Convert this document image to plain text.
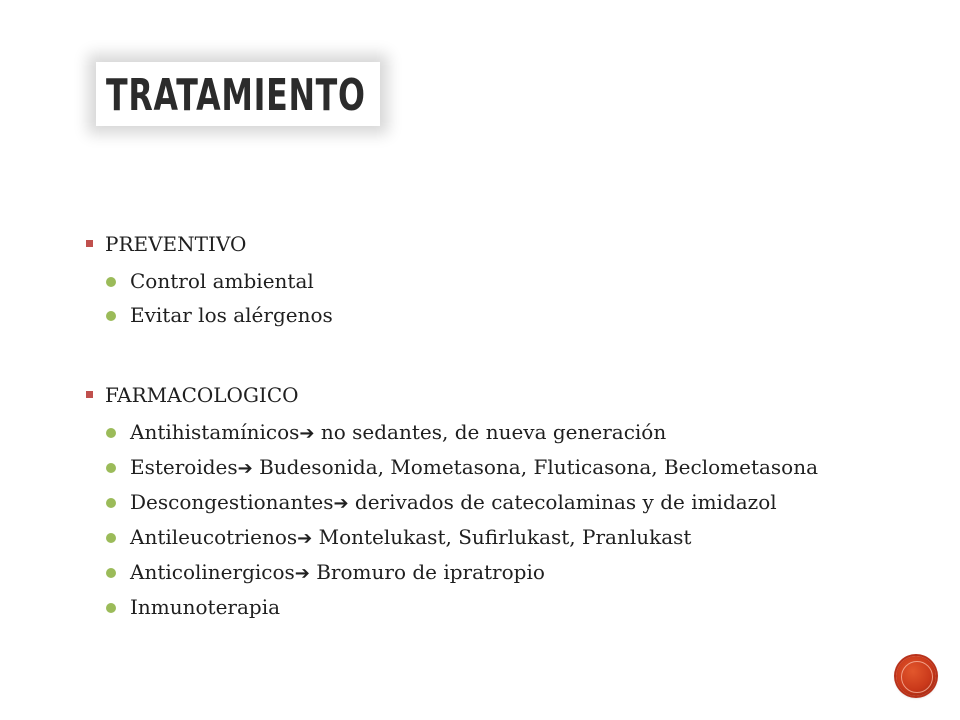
TRATAMIENTO
PREVENTIVO
Control ambiental
Evitar los alérgenos
FARMACOLOGICO
Antihistamínicos➔ no sedantes, de nueva generación
Esteroides➔ Budesonida, Mometasona, Fluticasona, Beclometasona
Descongestionantes➔ derivados de catecolaminas y de imidazol
Antileucotrienos➔ Montelukast, Sufirlukast, Pranlukast
Anticolinergicos➔ Bromuro de ipratropio
Inmunoterapia
